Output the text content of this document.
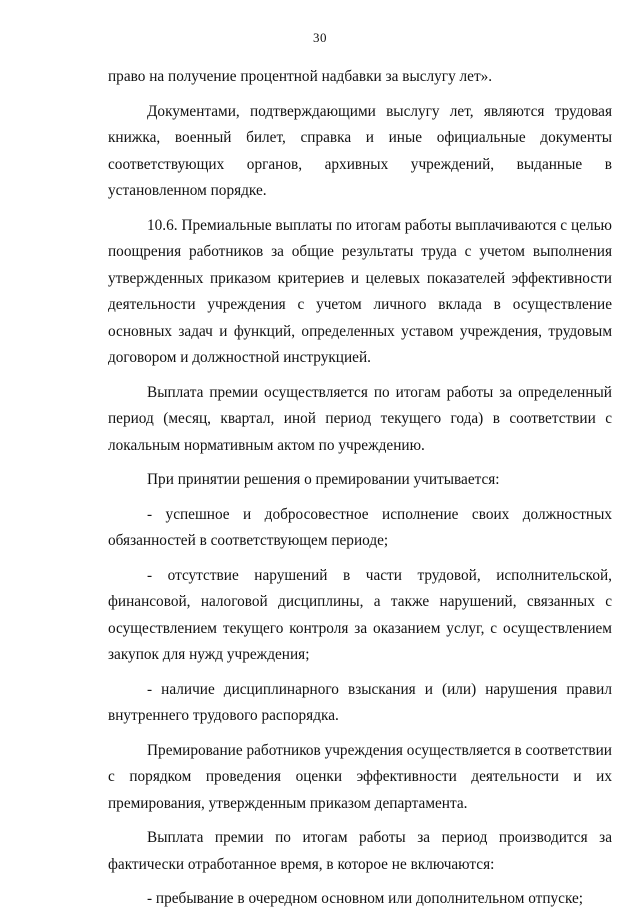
30

право на получение процентной надбавки за выслугу лет».

Документами, подтверждающими выслугу лет, являются трудовая книжка, военный билет, справка и иные официальные документы соответствующих органов, архивных учреждений, выданные в установленном порядке.

10.6. Премиальные выплаты по итогам работы выплачиваются с целью поощрения работников за общие результаты труда с учетом выполнения утвержденных приказом критериев и целевых показателей эффективности деятельности учреждения с учетом личного вклада в осуществление основных задач и функций, определенных уставом учреждения, трудовым договором и должностной инструкцией.

Выплата премии осуществляется по итогам работы за определенный период (месяц, квартал, иной период текущего года) в соответствии с локальным нормативным актом по учреждению.

При принятии решения о премировании учитывается:

- успешное и добросовестное исполнение своих должностных обязанностей в соответствующем периоде;

- отсутствие нарушений в части трудовой, исполнительской, финансовой, налоговой дисциплины, а также нарушений, связанных с осуществлением текущего контроля за оказанием услуг, с осуществлением закупок для нужд учреждения;

- наличие дисциплинарного взыскания и (или) нарушения правил внутреннего трудового распорядка.

Премирование работников учреждения осуществляется в соответствии с порядком проведения оценки эффективности деятельности и их премирования, утвержденным приказом департамента.

Выплата премии по итогам работы за период производится за фактически отработанное время, в которое не включаются:

- пребывание в очередном основном или дополнительном отпуске;
